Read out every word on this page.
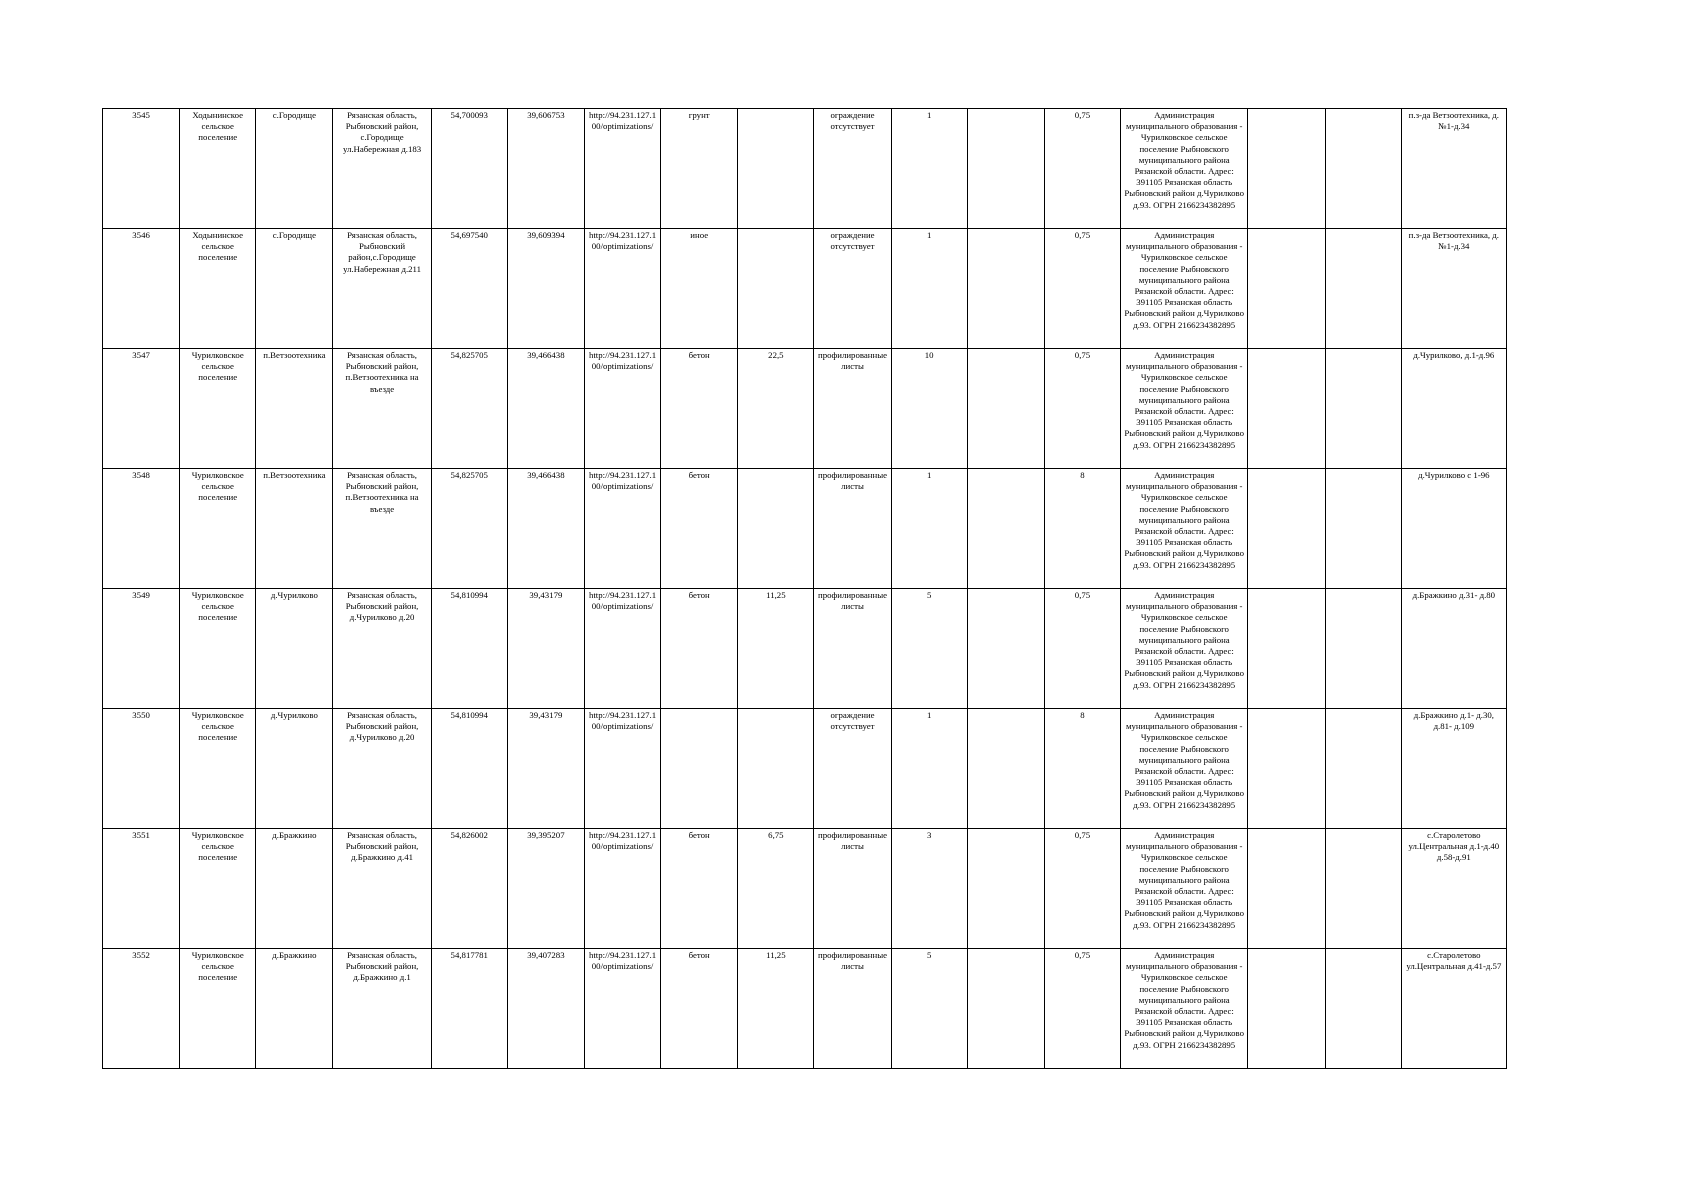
3545	Ходынинское сельское поселение	с.Городище	Рязанская область, Рыбновский район, с.Городище ул.Набережная д.183	54,700093	39,606753	http://94.231.127.100/optimizations/	грунт		ограждение отсутствует	1		0,75	Администрация муниципального образования - Чурилковское сельское поселение Рыбновского муниципального района Рязанской области. Адрес: 391105 Рязанская область Рыбновский район д.Чурилково д.93. ОГРН 2166234382895			п.з-да Ветзоотехника, д.№1-д.34
3546	Ходынинское сельское поселение	с.Городище	Рязанская область, Рыбновский район,с.Городище ул.Набережная д.211	54,697540	39,609394	http://94.231.127.100/optimizations/	иное		ограждение отсутствует	1		0,75	Администрация муниципального образования - Чурилковское сельское поселение Рыбновского муниципального района Рязанской области. Адрес: 391105 Рязанская область Рыбновский район д.Чурилково д.93. ОГРН 2166234382895			п.з-да Ветзоотехника, д.№1-д.34
3547	Чурилковское сельское поселение	п.Ветзоотехника	Рязанская область, Рыбновский район, п.Ветзоотехника на въезде	54,825705	39,466438	http://94.231.127.100/optimizations/	бетон	22,5	профилированные листы	10		0,75	Администрация муниципального образования - Чурилковское сельское поселение Рыбновского муниципального района Рязанской области. Адрес: 391105 Рязанская область Рыбновский район д.Чурилково д.93. ОГРН 2166234382895			д.Чурилково, д.1-д.96
3548	Чурилковское сельское поселение	п.Ветзоотехника	Рязанская область, Рыбновский район, п.Ветзоотехника на въезде	54,825705	39,466438	http://94.231.127.100/optimizations/	бетон		профилированные листы	1		8	Администрация муниципального образования - Чурилковское сельское поселение Рыбновского муниципального района Рязанской области. Адрес: 391105 Рязанская область Рыбновский район д.Чурилково д.93. ОГРН 2166234382895			д.Чурилково с 1-96
3549	Чурилковское сельское поселение	д.Чурилково	Рязанская область, Рыбновский район, д.Чурилково д.20	54,810994	39,43179	http://94.231.127.100/optimizations/	бетон	11,25	профилированные листы	5		0,75	Администрация муниципального образования - Чурилковское сельское поселение Рыбновского муниципального района Рязанской области. Адрес: 391105 Рязанская область Рыбновский район д.Чурилково д.93. ОГРН 2166234382895			д.Бражкино д.31- д.80
3550	Чурилковское сельское поселение	д.Чурилково	Рязанская область, Рыбновский район, д.Чурилково д.20	54,810994	39,43179	http://94.231.127.100/optimizations/			ограждение отсутствует	1		8	Администрация муниципального образования - Чурилковское сельское поселение Рыбновского муниципального района Рязанской области. Адрес: 391105 Рязанская область Рыбновский район д.Чурилково д.93. ОГРН 2166234382895			д.Бражкино д.1- д.30, д.81- д.109
3551	Чурилковское сельское поселение	д.Бражкино	Рязанская область, Рыбновский район, д.Бражкино д.41	54,826002	39,395207	http://94.231.127.100/optimizations/	бетон	6,75	профилированные листы	3		0,75	Администрация муниципального образования - Чурилковское сельское поселение Рыбновского муниципального района Рязанской области. Адрес: 391105 Рязанская область Рыбновский район д.Чурилково д.93. ОГРН 2166234382895			с.Старолетово ул.Центральная д.1-д.40 д.58-д.91
3552	Чурилковское сельское поселение	д.Бражкино	Рязанская область, Рыбновский район, д.Бражкино д.1	54,817781	39,407283	http://94.231.127.100/optimizations/	бетон	11,25	профилированные листы	5		0,75	Администрация муниципального образования - Чурилковское сельское поселение Рыбновского муниципального района Рязанской области. Адрес: 391105 Рязанская область Рыбновский район д.Чурилково д.93. ОГРН 2166234382895			с.Старолетово ул.Центральная д.41-д.57
